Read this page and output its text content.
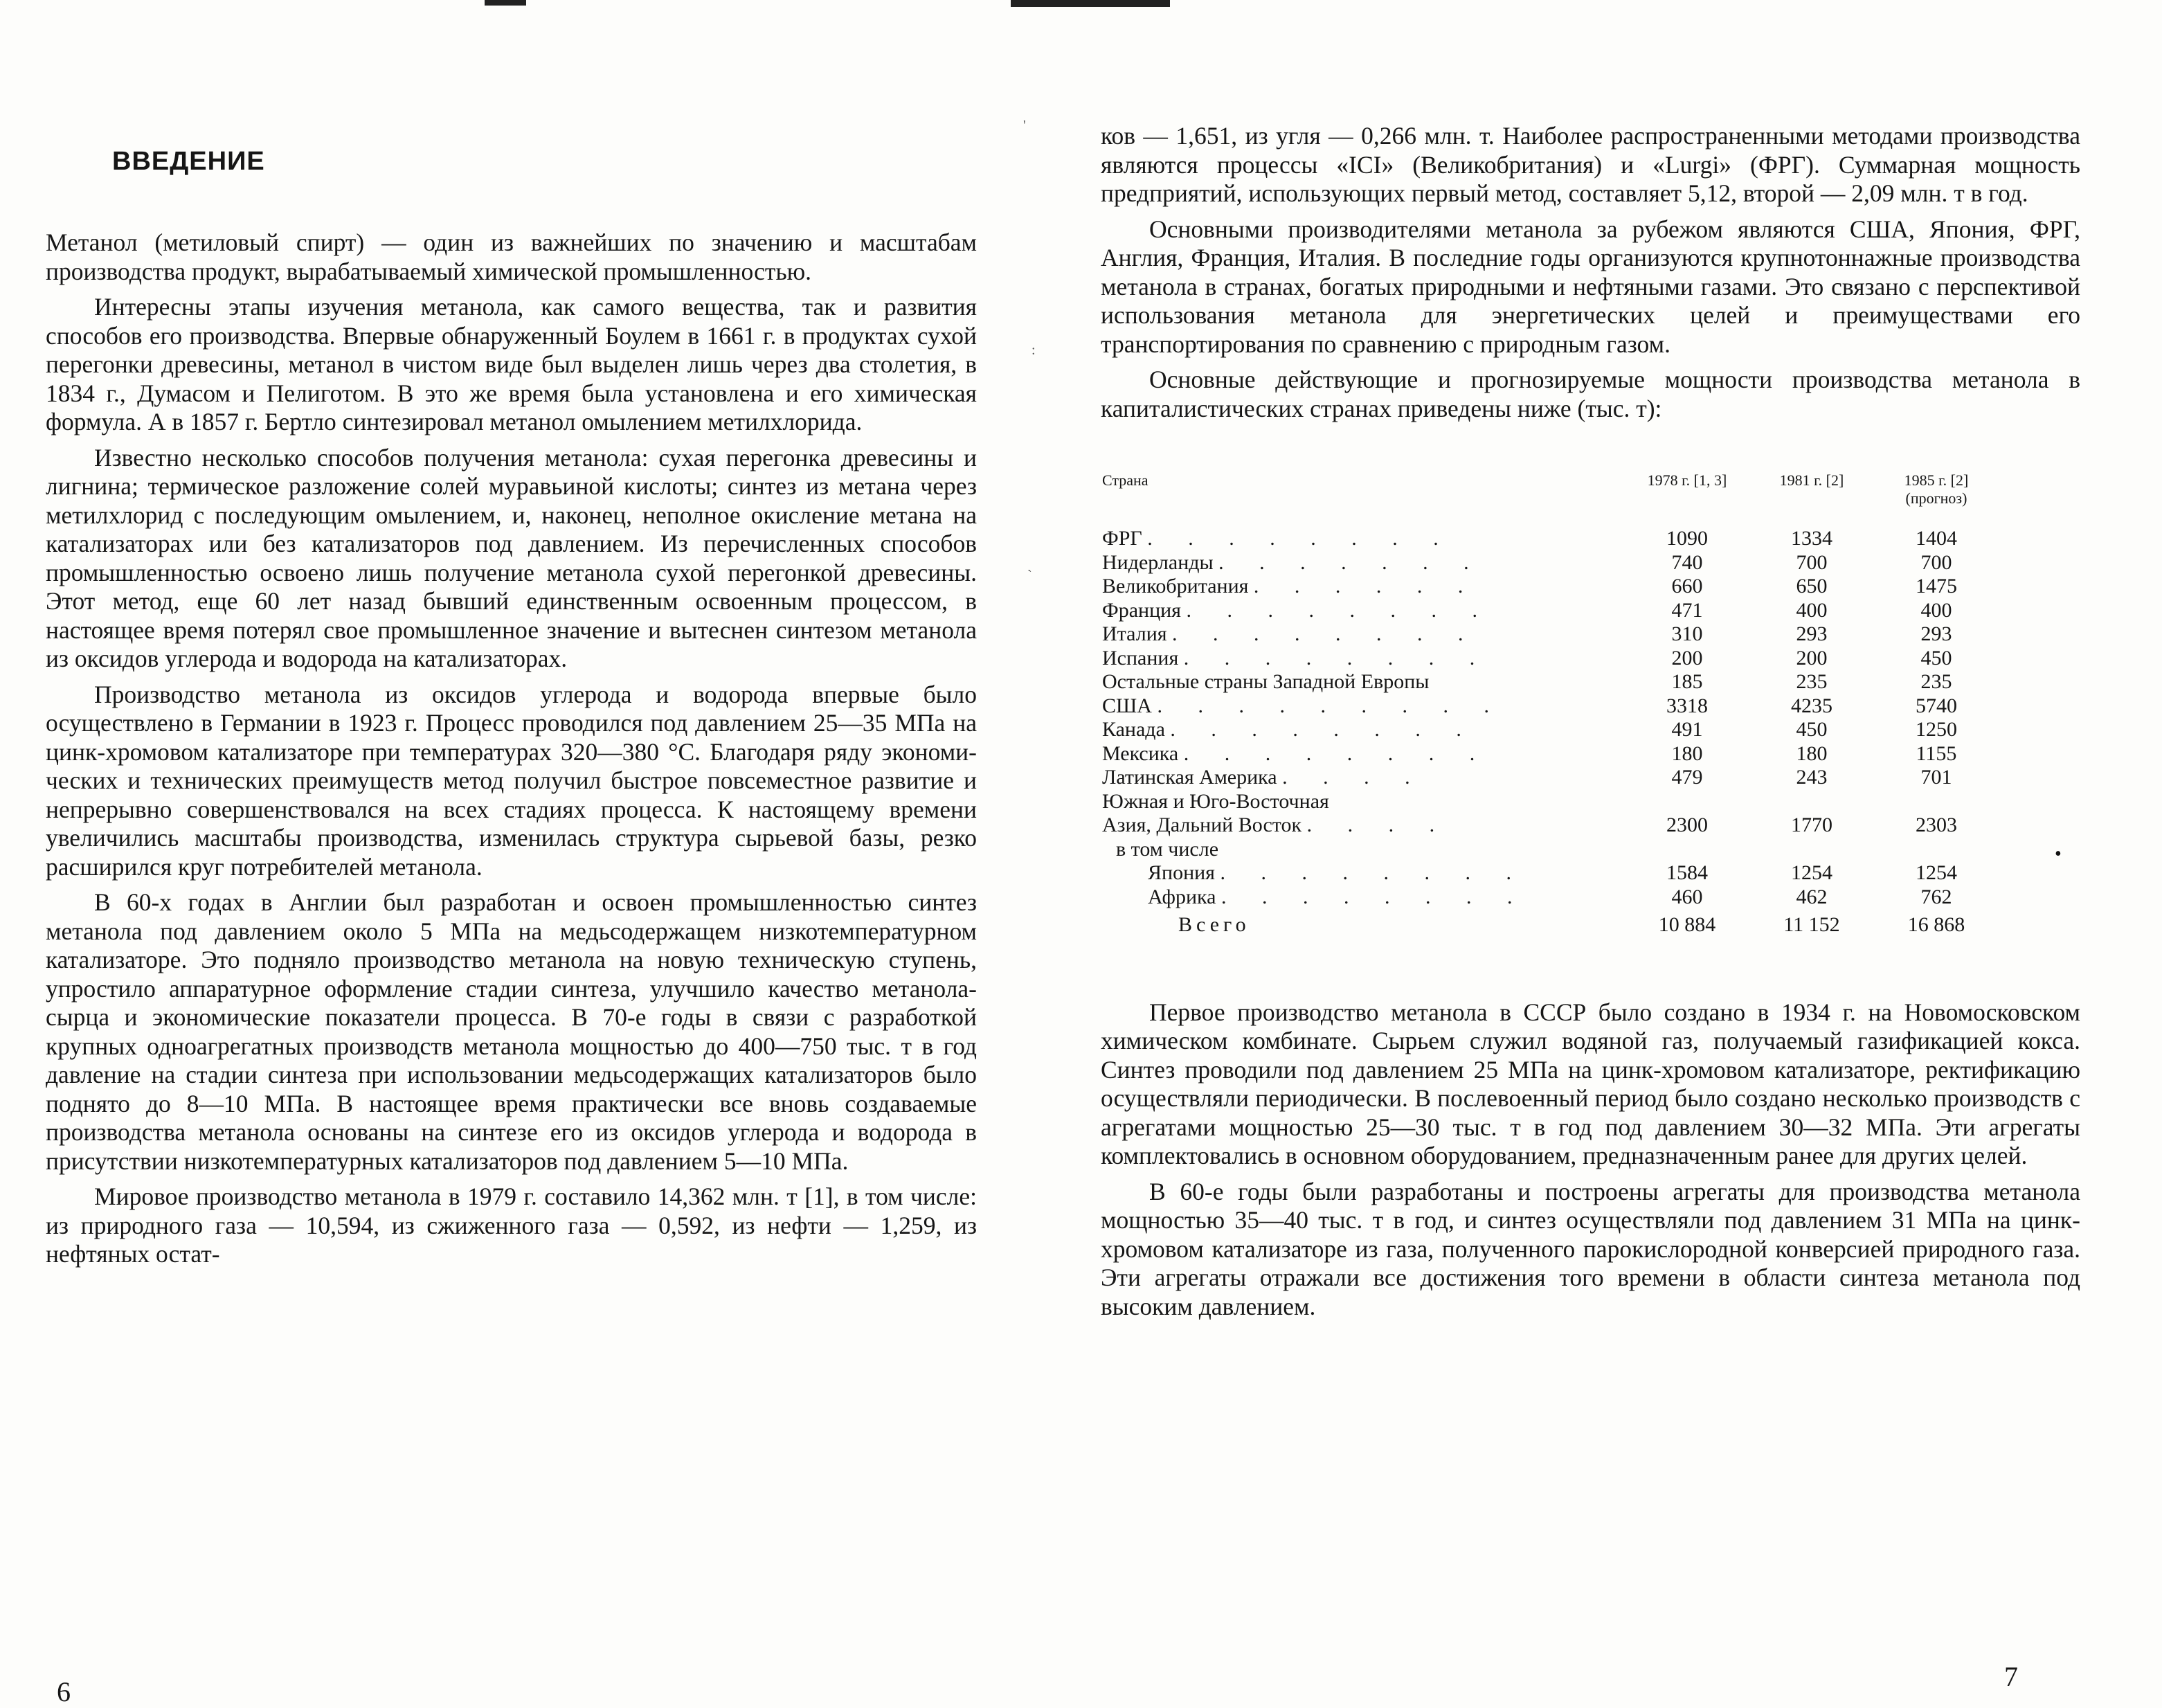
ВВЕДЕНИЕ

Метанол (метиловый спирт) — один из важнейших по значению и масштабам производства продукт, вырабатываемый химической промышленностью.

Интересны этапы изучения метанола, как самого вещества, так и развития способов его производства. Впервые обнаруженный Боулем в 1661 г. в продуктах сухой перегонки древесины, метанол в чистом виде был выделен лишь через два столетия, в 1834 г., Думасом и Пелиготом. В это же время была установлена и его химическая формула. А в 1857 г. Бертло синтезировал метанол омылением метилхлорида.

Известно несколько способов получения метанола: сухая перегонка древесины и лигнина; термическое разложение солей муравьиной кислоты; синтез из метана через метилхлорид с последующим омылением, и, наконец, неполное окисление метана на катализаторах или без катализаторов под давлением. Из перечисленных способов промышленностью освоено лишь получение метанола сухой перегонкой древесины. Этот метод, еще 60 лет назад бывший единственным освоенным процессом, в настоящее время потерял свое промышленное значение и вытеснен синтезом метанола из оксидов углерода и водорода на катализаторах.

Производство метанола из оксидов углерода и водорода впервые было осуществлено в Германии в 1923 г. Процесс проводился под давлением 25—35 МПа на цинк-хромовом катализаторе при температурах 320—380 °С. Благодаря ряду экономических и технических преимуществ метод получил быстрое повсеместное развитие и непрерывно совершенствовался на всех стадиях процесса. К настоящему времени увеличились масштабы производства, изменилась структура сырьевой базы, резко расширился круг потребителей метанола.

В 60-х годах в Англии был разработан и освоен промышленностью синтез метанола под давлением около 5 МПа на медьсодержащем низкотемпературном катализаторе. Это подняло производство метанола на новую техническую ступень, упростило аппаратурное оформление стадии синтеза, улучшило качество метанола-сырца и экономические показатели процесса. В 70-е годы в связи с разработкой крупных одноагрегатных производств метанола мощностью до 400—750 тыс. т в год давление на стадии синтеза при использовании медьсодержащих катализаторов было поднято до 8—10 МПа. В настоящее время практически все вновь создаваемые производства метанола основаны на синтезе его из оксидов углерода и водорода в присутствии низкотемпературных катализаторов под давлением 5—10 МПа.

Мировое производство метанола в 1979 г. составило 14,362 млн. т [1], в том числе: из природного газа — 10,594, из сжиженного газа — 0,592, из нефти — 1,259, из нефтяных остат-

6
'
:
`

ков — 1,651, из угля — 0,266 млн. т. Наиболее распространенными методами производства являются процессы «ICI» (Великобритания) и «Lurgi» (ФРГ). Суммарная мощность предприятий, использующих первый метод, составляет 5,12, второй — 2,09 млн. т в год.

Основными производителями метанола за рубежом являются США, Япония, ФРГ, Англия, Франция, Италия. В последние годы организуются крупнотоннажные производства метанола в странах, богатых природными и нефтяными газами. Это связано с перспективой использования метанола для энергетических целей и преимуществами его транспортирования по сравнению с природным газом.

Основные действующие и прогнозируемые мощности производства метанола в капиталистических странах приведены ниже (тыс. т):

Страна	1978 г. [1, 3]	1981 г. [2]	1985 г. [2] (прогноз)
ФРГ . . . . . . . .	1090	1334	1404
Нидерланды . . . . . . .	740	700	700
Великобритания . . . . . .	660	650	1475
Франция . . . . . . . .	471	400	400
Италия . . . . . . . .	310	293	293
Испания . . . . . . . .	200	200	450
Остальные страны Западной Европы	185	235	235
США . . . . . . . . .	3318	4235	5740
Канада . . . . . . . .	491	450	1250
Мексика . . . . . . . .	180	180	1155
Латинская Америка . . . .	479	243	701
Южная и Юго-Восточная			
Азия, Дальний Восток . . . .	2300	1770	2303
в том числе			
Япония . . . . . . . .	1584	1254	1254
Африка . . . . . . . .	460	462	762
Всего	10 884	11 152	16 868

Первое производство метанола в СССР было создано в 1934 г. на Новомосковском химическом комбинате. Сырьем служил водяной газ, получаемый газификацией кокса. Синтез проводили под давлением 25 МПа на цинк-хромовом катализаторе, ректификацию осуществляли периодически. В послевоенный период было создано несколько производств с агрегатами мощностью 25—30 тыс. т в год под давлением 30—32 МПа. Эти агрегаты комплектовались в основном оборудованием, предназначенным ранее для других целей.

В 60-е годы были разработаны и построены агрегаты для производства метанола мощностью 35—40 тыс. т в год, и синтез осуществляли под давлением 31 МПа на цинк-хромовом катализаторе из газа, полученного парокислородной конверсией природного газа. Эти агрегаты отражали все достижения того времени в области синтеза метанола под высоким давлением.

7
•
